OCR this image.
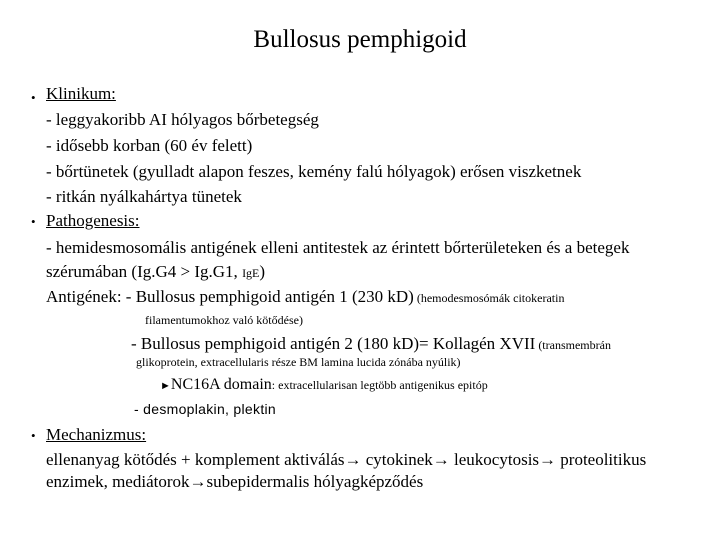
Bullosus pemphigoid
•
•
•
Klinikum:
- leggyakoribb AI hólyagos bőrbetegség
- idősebb korban (60 év felett)
- bőrtünetek (gyulladt alapon feszes, kemény falú hólyagok) erősen viszketnek
- ritkán nyálkahártya tünetek
Pathogenesis:
- hemidesmosomális antigének elleni antitestek az érintett bőrterületeken és a betegek
szérumában (Ig.G4 > Ig.G1, IgE)
Antigének: - Bullosus pemphigoid antigén 1 (230 kD) (hemodesmosómák citokeratin
filamentumokhoz való kötődése)
- Bullosus pemphigoid antigén 2 (180 kD)= Kollagén XVII (transmembrán
glikoprotein, extracellularis része BM lamina lucida zónába nyúlik)
►NC16A domain: extracellularisan legtöbb antigenikus epitóp
- desmoplakin, plektin
Mechanizmus:
ellenanyag kötődés + komplement aktiválás→ cytokinek→ leukocytosis→ proteolitikus
enzimek, mediátorok→subepidermalis hólyagképződés
